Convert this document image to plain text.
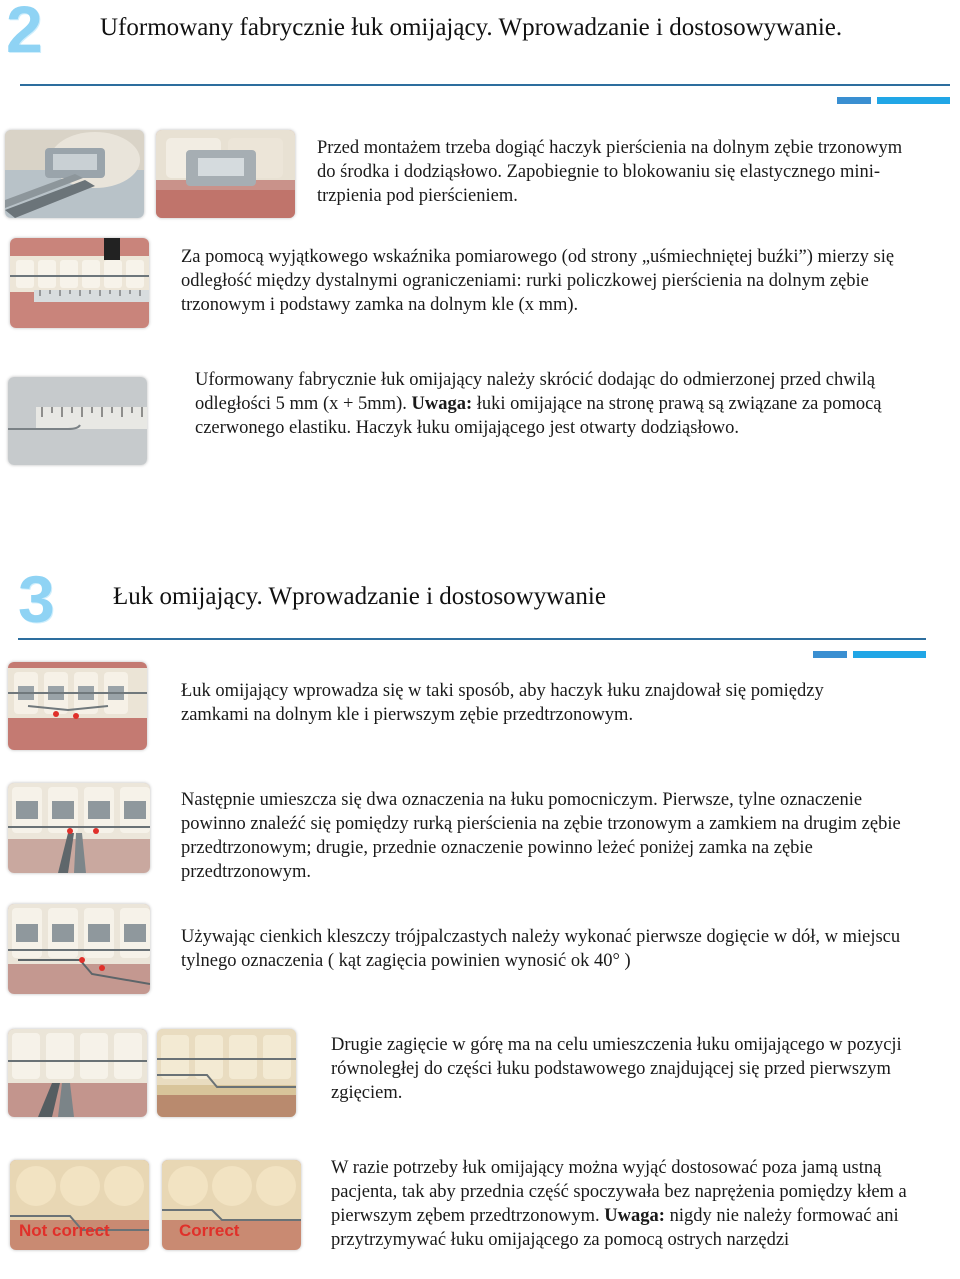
2 Uformowany fabrycznie łuk omijający. Wprowadzanie i dostosowywanie.
Przed montażem trzeba dogiąć haczyk pierścienia na dolnym zębie trzonowym do środka i dodziąsłowo. Zapobiegnie to blokowaniu się elastycznego mini-trzpienia pod pierścieniem.
Za pomocą wyjątkowego wskaźnika pomiarowego (od strony „uśmiechniętej buźki”) mierzy się odległość między dystalnymi ograniczeniami: rurki policzkowej pierścienia na dolnym zębie trzonowym i podstawy zamka na dolnym kle (x mm).
Uformowany fabrycznie łuk omijający należy skrócić dodając do odmierzonej przed chwilą odległości 5 mm (x + 5mm). Uwaga: łuki omijające na stronę prawą są związane za pomocą czerwonego elastiku. Haczyk łuku omijającego jest otwarty dodziąsłowo.
3 Łuk omijający. Wprowadzanie i dostosowywanie
Łuk omijający wprowadza się w taki sposób, aby haczyk łuku znajdował się pomiędzy zamkami na dolnym kle i pierwszym zębie przedtrzonowym.
Następnie umieszcza się dwa oznaczenia na łuku pomocniczym. Pierwsze, tylne oznaczenie powinno znaleźć się pomiędzy rurką pierścienia na zębie trzonowym a zamkiem na drugim zębie przedtrzonowym; drugie, przednie oznaczenie powinno leżeć poniżej zamka na zębie przedtrzonowym.
Używając cienkich kleszczy trójpalczastych należy wykonać pierwsze dogięcie w dół, w miejscu tylnego oznaczenia ( kąt zagięcia powinien wynosić ok 40° )
Drugie zagięcie w górę ma na celu umieszczenia łuku omijającego w pozycji równoległej do części łuku podstawowego znajdującej się przed pierwszym zgięciem.
Not correct	Correct
W razie potrzeby łuk omijający można wyjąć dostosować poza jamą ustną pacjenta, tak aby przednia część spoczywała bez naprężenia pomiędzy kłem a pierwszym zębem przedtrzonowym. Uwaga: nigdy nie należy formować ani przytrzymywać łuku omijającego za pomocą ostrych narzędzi
